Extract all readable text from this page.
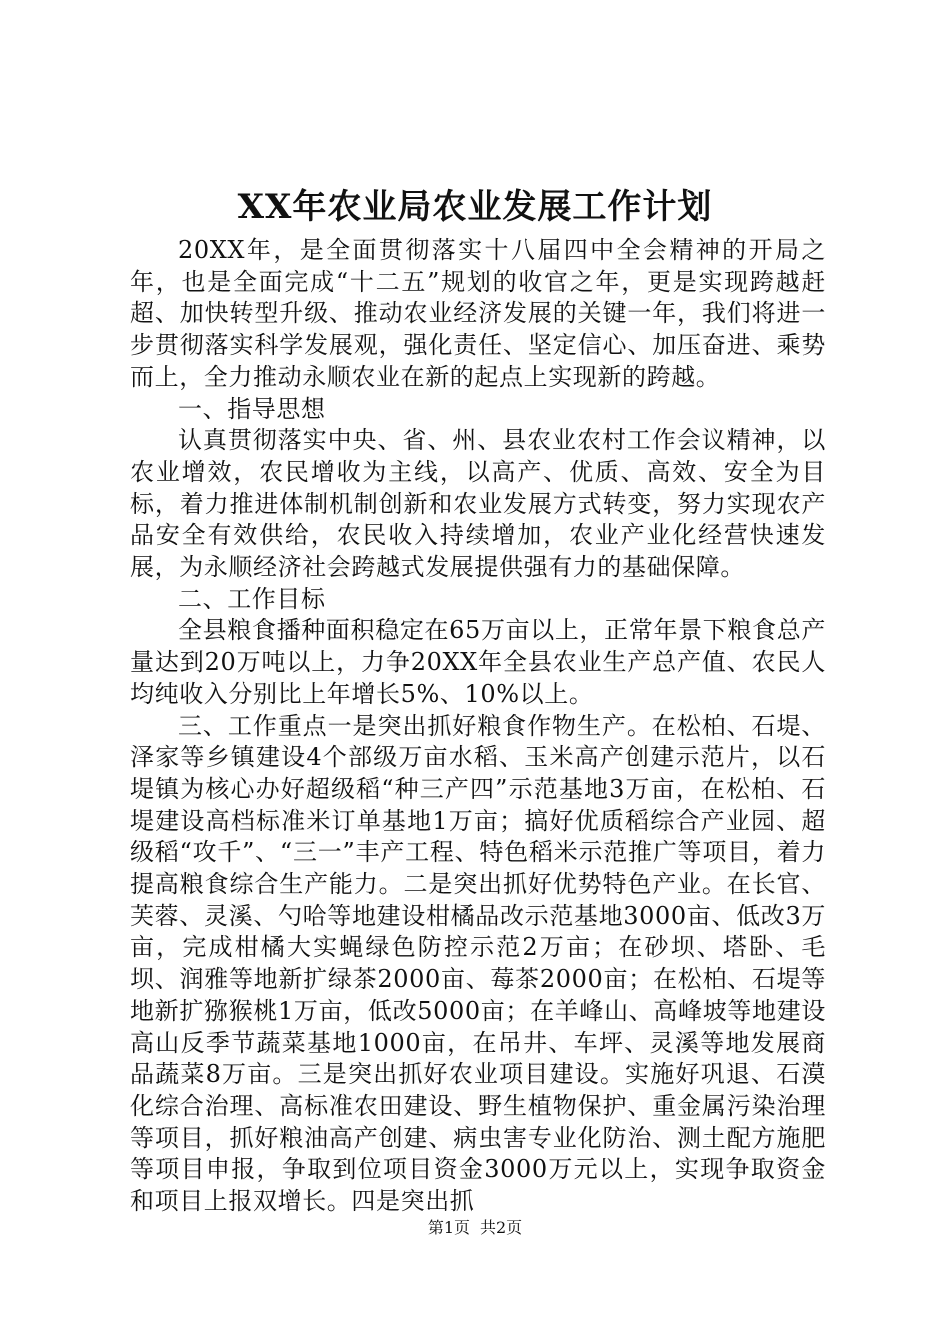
XX年农业局农业发展工作计划

20XX年，是全面贯彻落实十八届四中全会精神的开局之年，也是全面完成“十二五”规划的收官之年，更是实现跨越赶超、加快转型升级、推动农业经济发展的关键一年，我们将进一步贯彻落实科学发展观，强化责任、坚定信心、加压奋进、乘势而上，全力推动永顺农业在新的起点上实现新的跨越。

一、指导思想

认真贯彻落实中央、省、州、县农业农村工作会议精神，以农业增效，农民增收为主线，以高产、优质、高效、安全为目标，着力推进体制机制创新和农业发展方式转变，努力实现农产品安全有效供给，农民收入持续增加，农业产业化经营快速发展，为永顺经济社会跨越式发展提供强有力的基础保障。

二、工作目标

全县粮食播种面积稳定在65万亩以上，正常年景下粮食总产量达到20万吨以上，力争20XX年全县农业生产总产值、农民人均纯收入分别比上年增长5%、10%以上。

三、工作重点一是突出抓好粮食作物生产。在松柏、石堤、泽家等乡镇建设4个部级万亩水稻、玉米高产创建示范片，以石堤镇为核心办好超级稻“种三产四”示范基地3万亩，在松柏、石堤建设高档标准米订单基地1万亩；搞好优质稻综合产业园、超级稻“攻千”、“三一”丰产工程、特色稻米示范推广等项目，着力提高粮食综合生产能力。二是突出抓好优势特色产业。在长官、芙蓉、灵溪、勺哈等地建设柑橘品改示范基地3000亩、低改3万亩，完成柑橘大实蝇绿色防控示范2万亩；在砂坝、塔卧、毛坝、润雅等地新扩绿茶2000亩、莓茶2000亩；在松柏、石堤等地新扩猕猴桃1万亩，低改5000亩；在羊峰山、高峰坡等地建设高山反季节蔬菜基地1000亩，在吊井、车坪、灵溪等地发展商品蔬菜8万亩。三是突出抓好农业项目建设。实施好巩退、石漠化综合治理、高标准农田建设、野生植物保护、重金属污染治理等项目，抓好粮油高产创建、病虫害专业化防治、测土配方施肥等项目申报，争取到位项目资金3000万元以上，实现争取资金和项目上报双增长。四是突出抓

第1页 共2页
